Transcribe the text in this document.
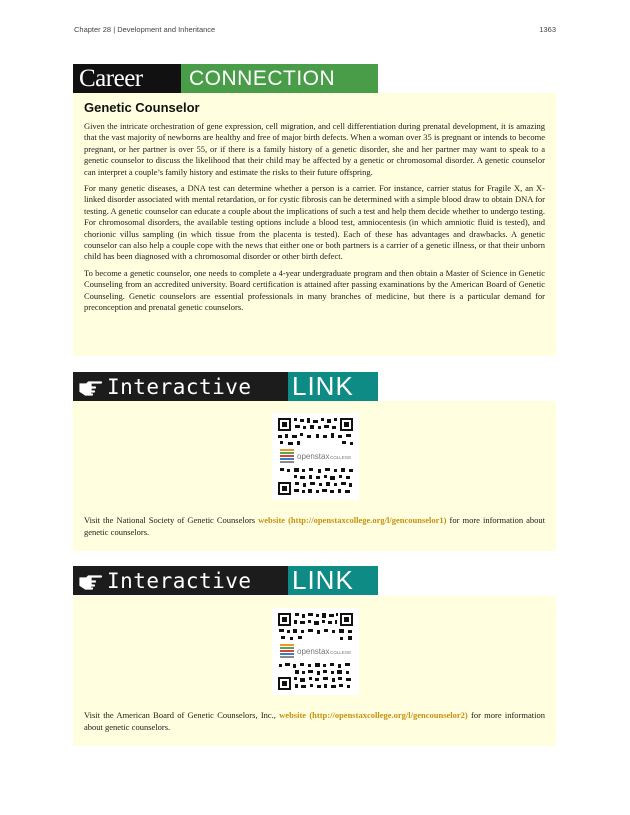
Chapter 28 | Development and Inheritance	1363
Career	CONNECTION
Genetic Counselor

Given the intricate orchestration of gene expression, cell migration, and cell differentiation during prenatal development, it is amazing that the vast majority of newborns are healthy and free of major birth defects. When a woman over 35 is pregnant or intends to become pregnant, or her partner is over 55, or if there is a family history of a genetic disorder, she and her partner may want to speak to a genetic counselor to discuss the likelihood that their child may be affected by a genetic or chromosomal disorder. A genetic counselor can interpret a couple’s family history and estimate the risks to their future offspring.

For many genetic diseases, a DNA test can determine whether a person is a carrier. For instance, carrier status for Fragile X, an X-linked disorder associated with mental retardation, or for cystic fibrosis can be determined with a simple blood draw to obtain DNA for testing. A genetic counselor can educate a couple about the implications of such a test and help them decide whether to undergo testing. For chromosomal disorders, the available testing options include a blood test, amniocentesis (in which amniotic fluid is tested), and chorionic villus sampling (in which tissue from the placenta is tested). Each of these has advantages and drawbacks. A genetic counselor can also help a couple cope with the news that either one or both partners is a carrier of a genetic illness, or that their unborn child has been diagnosed with a chromosomal disorder or other birth defect.

To become a genetic counselor, one needs to complete a 4-year undergraduate program and then obtain a Master of Science in Genetic Counseling from an accredited university. Board certification is attained after passing examinations by the American Board of Genetic Counseling. Genetic counselors are essential professionals in many branches of medicine, but there is a particular demand for preconception and prenatal genetic counselors.

Interactive LINK
openstax COLLEGE

Visit the National Society of Genetic Counselors website (http://openstaxcollege.org/l/gencounselor1) for more information about genetic counselors.

Interactive LINK
openstax COLLEGE

Visit the American Board of Genetic Counselors, Inc., website (http://openstaxcollege.org/l/gencounselor2) for more information about genetic counselors.
